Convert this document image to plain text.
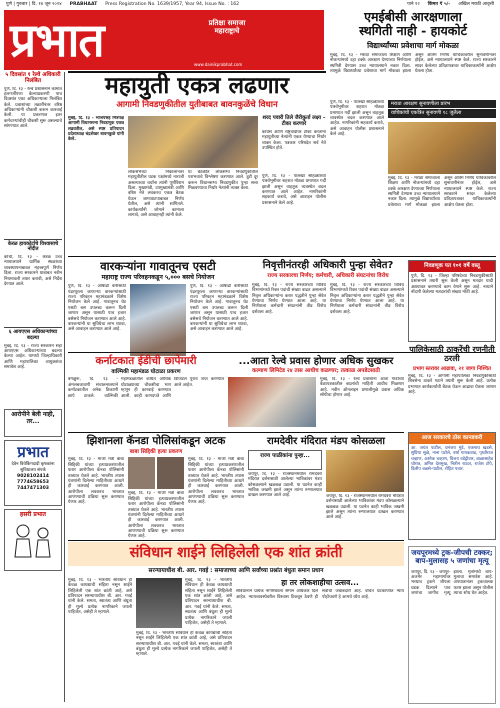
पुणे | गुरुवार | दि. १४ जून २०२४ PRABHAAT Press Registration No. 1639/1957, Year 94, Issue No. : 162	पाने १२ किंमत ₹ ५/- अखिल मराठी आवृत्ती
प्रभात	प्रतिक्षा समाजा महाराष्ट्राचे
www.dainikprabhat.com
एमईबीसी आरक्षणाला
स्थगिती नाही - हायकोर्ट
विद्यार्थ्यांच्या प्रवेशाचा मार्ग मोकळा
मुंबई, दि. १३ - मराठा समाजाला शिक्षण आणि नोकऱ्यांमध्ये दहा टक्के आरक्षण देण्याच्या निर्णयाला स्थगिती देण्यास उच्च न्यायालयाने नकार दिला. त्यामुळे विद्यार्थ्यांच्या प्रवेशाचा मार्ग मोकळा झाला असून अंतिम निर्णय याचिकांवरील सुनावणीनंतर होईल, असे न्यायालयाने स्पष्ट केले. राज्य सरकारने सादर केलेल्या प्रतिज्ञापत्रावर याचिकाकर्त्यांनी आक्षेप घेतला होता.
मराठा आरक्षण सुनावणीला प्रारंभ
याचिकांची एकत्रित सुनावणी १८ जुलैला
५ दिवसांत १ रेल्वे अधिकारी निलंबित
पुणे, दि. १३ - रेल्वे प्रशासनाने कामात हलगर्जीपणा केल्याप्रकरणी पाच दिवसांत एका अधिकाऱ्याला निलंबित केले. प्रवाशांच्या तक्रारींनंतर वरिष्ठ अधिकाऱ्यांनी चौकशी करून कारवाई केली. या प्रकरणात इतर कर्मचाऱ्यांचीही चौकशी सुरू असल्याचे सांगण्यात आले.
केरळ हायकोर्टाचे विश्वासाचे नोंदीत
कोची, दि. १३ - केरळ उच्च न्यायालयाने धार्मिक स्थळांच्या व्यवस्थापनाबाबत महत्त्वपूर्ण निर्णय दिला. राज्य सरकारने याबाबत नवीन नियमावली तयार करावी, असे निर्देश देण्यात आले.
६ आयएएस अधिकाऱ्यांच्या बदल्या
मुंबई, दि. १३ - राज्य सरकारने सहा आयएएस अधिकाऱ्यांच्या बदल्या केल्या आहेत. यामध्ये जिल्हाधिकारी आणि महापालिका आयुक्तांचा समावेश आहे.
आरोपीने बेली नाही, तर...
प्रभात
देवेन विवेकिंगदादी कृषकांना सुविधालय संपर्क
9028102414
7774658653
7447471303
हसरी प्रभात
महायुती एकत्र लढणार
आगामी निवडणुकीतील युतीबाबत बावनकुळेंचे विधान
मुंबई, दि. १३ - भाजपसह मित्रपक्ष आगामी विधानसभा निवडणूक एकत्र लढवतील, असे स्पष्ट प्रतिपादन प्रदेशाध्यक्ष चंद्रशेखर बावनकुळे यांनी केले.
लोकसभेच्या निकालानंतर महायुतीतील घटक पक्षांमध्ये नाराजी असल्याच्या चर्चांना त्यांनी पूर्णविराम दिला. मुख्यमंत्री, उपमुख्यमंत्री आणि वरिष्ठ नेते लवकरच एकत्र बैठक घेऊन जागावाटपाबाबत निर्णय घेतील, असे त्यांनी सांगितले. कार्यकर्त्यांनी जोमाने कामाला लागावे, असे आवाहनही त्यांनी केले.
शरद पवारी तिले जैरीकुर्ता लक्ष्य – टीका करणारे
काँग्रेस आणि राष्ट्रवादीवर टीका करताना महायुतीच्या नेत्यांनी एकत्र येण्याचा निर्धार व्यक्त केला. पत्रकार परिषदेत सर्व नेते उपस्थित होते.
या बैठकीत लोकसभा निवडणुकीतील पराभवाचे विश्लेषण करण्यात आले. त्रुटी दूर करून विधानसभा निवडणुकीत पुन्हा सत्ता मिळवण्याचा निर्धार नेत्यांनी व्यक्त केला.
पुणे, दि. १३ - पालखी सोहळ्याच्या पार्श्वभूमीवर शहरात मोठ्या प्रमाणात गर्दी झाली असून वाहतूक व्यवस्थेत बदल करण्यात आले आहेत. नागरिकांनी सहकार्य करावे, असे आवाहन पोलीस प्रशासनाने केले आहे.
पुणे, दि. १३ - पालखी सोहळ्याच्या पार्श्वभूमीवर शहरात मोठ्या प्रमाणात गर्दी झाली असून वाहतूक व्यवस्थेत बदल करण्यात आले आहेत. नागरिकांनी सहकार्य करावे, असे आवाहन पोलीस प्रशासनाने केले आहे.
मुंबई, दि. १३ - मराठा समाजाला शिक्षण आणि नोकऱ्यांमध्ये दहा टक्के आरक्षण देण्याच्या निर्णयाला स्थगिती देण्यास उच्च न्यायालयाने नकार दिला. त्यामुळे विद्यार्थ्यांच्या प्रवेशाचा मार्ग मोकळा झाला असून अंतिम निर्णय याचिकांवरील सुनावणीनंतर होईल, असे न्यायालयाने स्पष्ट केले. राज्य सरकारने सादर केलेल्या प्रतिज्ञापत्रावर याचिकाकर्त्यांनी आक्षेप घेतला होता.
वारकऱ्यांना गावातूनच एसटी
महाराष्ट्र राज्य परिवहनकडून ५,००० बसचे नियोजन
पुणे, दि. १३ - आषाढी वारीसाठी पंढरपूरला जाणाऱ्या वारकऱ्यांसाठी राज्य परिवहन महामंडळाने विशेष नियोजन केले आहे. गावातूनच थेट एसटी बस उपलब्ध करून दिली जाणार असून यासाठी पाच हजार बसेसचे नियोजन करण्यात आले आहे. वारकऱ्यांनी या सुविधेचा लाभ घ्यावा, असे आवाहन करण्यात आले आहे.
पुणे, दि. १३ - आषाढी वारीसाठी पंढरपूरला जाणाऱ्या वारकऱ्यांसाठी राज्य परिवहन महामंडळाने विशेष नियोजन केले आहे. गावातूनच थेट एसटी बस उपलब्ध करून दिली जाणार असून यासाठी पाच हजार बसेसचे नियोजन करण्यात आले आहे. वारकऱ्यांनी या सुविधेचा लाभ घ्यावा, असे आवाहन करण्यात आले आहे.
निवृत्तीनंतरही अधिकारी पुन्हा सेवेत?
राज्य सरकारचा निर्णय; कर्मचारी, अधिकारी संघटनांचा विरोध
मुंबई, दि. १३ - राज्य सरकारच्या विविध विभागांमध्ये रिक्त पदांची संख्या वाढत असल्याने निवृत्त अधिकाऱ्यांना करार पद्धतीने पुन्हा सेवेत घेण्याचा निर्णय घेण्यात आला आहे. या निर्णयाला कर्मचारी संघटनांनी तीव्र विरोध दर्शवला आहे.
मुंबई, दि. १३ - राज्य सरकारच्या विविध विभागांमध्ये रिक्त पदांची संख्या वाढत असल्याने निवृत्त अधिकाऱ्यांना करार पद्धतीने पुन्हा सेवेत घेण्याचा निर्णय घेण्यात आला आहे. या निर्णयाला कर्मचारी संघटनांनी तीव्र विरोध दर्शवला आहे.
निवडणूक पत १०१ वर्षे वस्तू
पुणे, दि. १३ - जिल्हा परिषदेच्या निवडणुकीसाठी प्रशासनाने तयारी सुरू केली असून मतदार यादी अद्ययावत करण्याचे काम वेगाने सुरू आहे. नव्याने नोंदणी केलेल्या मतदारांची संख्या मोठी आहे.
कर्नाटकात ईडीची छापेमारी
वाल्मिकी महामंडळ घोटाळा प्रकरण
बेंगळुरू, दि. १३ - अंमलबजावणी संचालनालयाने कर्नाटकातील अनेक ठिकाणी छापे टाकले. वाल्मिकी महामंडळातील कथित आर्थिक घोटाळ्याच्या चौकशीचा भाग म्हणून ही कारवाई करण्यात आली. काही कागदपत्रे आणि डिजिटल पुरावे जप्त करण्यात आले आहेत.
...आता रेल्वे प्रवास होणार अधिक सुखकर
कल्याण लिमिटेड २४ तास आधीच कळणार; तत्काळ अपडेटसाठी
मुंबई, दि. १३ - रेल्वे प्रवाशांना आता गाडीच्या वेळापत्रकातील बदलांची माहिती आधीच मिळणार आहे. नवीन ऑनलाइन प्रणालीमुळे प्रवास अधिक सोयीचा होणार आहे.
पालिकेसाठी ठाकरेंची रणनीती ठरली
प्रभाग स्तरावर आढावा, २१ जागा निश्चित
मुंबई, दि. १३ - आगामी महापालिका निवडणुकीसाठी शिवसेना ठाकरे गटाने तयारी सुरू केली आहे. प्रत्येक प्रभागात कार्यकर्त्यांची बैठक घेऊन आढावा घेतला जाणार आहे.
झिशानला कॅनडा पोलिसांकडून अटक
बाबा सिद्दिकी हत्या प्रकरण
मुंबई, दि. १३ - माजी मंत्री बाबा सिद्दिकी यांच्या हत्याप्रकरणातील फरार आरोपीला कॅनडा पोलिसांनी ताब्यात घेतले आहे. भारतीय तपास यंत्रणांनी दिलेल्या माहितीच्या आधारे ही कारवाई करण्यात आली. आरोपीला लवकरच भारतात आणण्याची प्रक्रिया सुरू करण्यात येणार आहे.
मुंबई, दि. १३ - माजी मंत्री बाबा सिद्दिकी यांच्या हत्याप्रकरणातील फरार आरोपीला कॅनडा पोलिसांनी ताब्यात घेतले आहे. भारतीय तपास यंत्रणांनी दिलेल्या माहितीच्या आधारे ही कारवाई करण्यात आली. आरोपीला लवकरच भारतात आणण्याची प्रक्रिया सुरू करण्यात येणार आहे.
मुंबई, दि. १३ - माजी मंत्री बाबा सिद्दिकी यांच्या हत्याप्रकरणातील फरार आरोपीला कॅनडा पोलिसांनी ताब्यात घेतले आहे. भारतीय तपास यंत्रणांनी दिलेल्या माहितीच्या आधारे ही कारवाई करण्यात आली. आरोपीला लवकरच भारतात आणण्याची प्रक्रिया सुरू करण्यात येणार आहे.
रामदेवीर मंदिरात मंडप कोसळला
राज्य पाळीकांना पुन्हा...
जयपूर, दि. १३ - राजस्थानमधील रामदेवरा मंदिरात दर्शनासाठी आलेल्या भाविकांवर मंडप कोसळल्याने खळबळ उडाली. या घटनेत काही भाविक जखमी झाले असून त्यांना रुग्णालयात दाखल करण्यात आले आहे.	जयपूर, दि. १३ - राजस्थानमधील रामदेवरा मंदिरात दर्शनासाठी आलेल्या भाविकांवर मंडप कोसळल्याने खळबळ उडाली. या घटनेत काही भाविक जखमी झाले असून त्यांना रुग्णालयात दाखल करण्यात आले आहे.
आज सरकारचे ठोस कानडकरी
आ. जयंत पाटील, धनंजय मुंडे, एकनाथ खडसे, सुप्रिया सुळे, नाना पटोले, वर्षा गायकवाड, पृथ्वीराज चव्हाण, अशोक चव्हाण, विजय वडेट्टीवार, बाळासाहेब थोरात, अमित देशमुख, नितीन राऊत, राजेश टोपे, दिलीप वळसे-पाटील, रोहित पवार.
संविधान शाईने लिहिलेली एक शांत क्रांती
सरन्यायाधीश बी. आर. गवई : समाजाच्या आणि सर्वांच्या प्रश्नांत बंधुता समान प्रधान
मुंबई, दि. १३ - भारतीय संविधान ही केवळ कायद्याची संहिता नसून शाईने लिहिलेली एक शांत क्रांती आहे, असे प्रतिपादन सरन्यायाधीश बी. आर. गवई यांनी केले. समता, स्वातंत्र्य आणि बंधुता ही मूल्ये प्रत्येक नागरिकाने जपली पाहिजेत, असेही ते म्हणाले.
मुंबई, दि. १३ - भारतीय संविधान ही केवळ कायद्याची संहिता नसून शाईने लिहिलेली एक शांत क्रांती आहे, असे प्रतिपादन सरन्यायाधीश बी. आर. गवई यांनी केले. समता, स्वातंत्र्य आणि बंधुता ही मूल्ये प्रत्येक नागरिकाने जपली पाहिजेत, असेही ते म्हणाले.
मुंबई, दि. १३ - भारतीय संविधान ही केवळ कायद्याची संहिता नसून शाईने लिहिलेली एक शांत क्रांती आहे, असे प्रतिपादन सरन्यायाधीश बी. आर. गवई यांनी केले. समता, स्वातंत्र्य आणि बंधुता ही मूल्ये प्रत्येक नागरिकाने जपली पाहिजेत, असेही ते म्हणाले.
हा तर लोकशाहीचा उत्सव...
संविधानाने प्रत्येक नागरिकाला समान अधिकार दिले आहेत. न्यायव्यवस्थेवरील विश्वास टिकवून ठेवणे ही सर्वांची जबाबदारी आहे. वंचित घटकांपर्यंत न्याय पोहोचवणे हे आमचे ध्येय आहे.
जयपूरमध्ये ट्रक-जीपची टक्कर; बाप-मुलासह ५ जणांचा मृत्यू
जयपूर, दि. १३ - जयपूर-अजमेर महामार्गावर भरधाव ट्रकने जीपला धडक दिल्याने पाच जणांचा जागीच मृत्यू झाला. मृतांमध्ये बाप-मुलाचा समावेश आहे. अपघातानंतर ट्रकचालक फरार झाला असून पोलीस त्याचा शोध घेत आहेत.
